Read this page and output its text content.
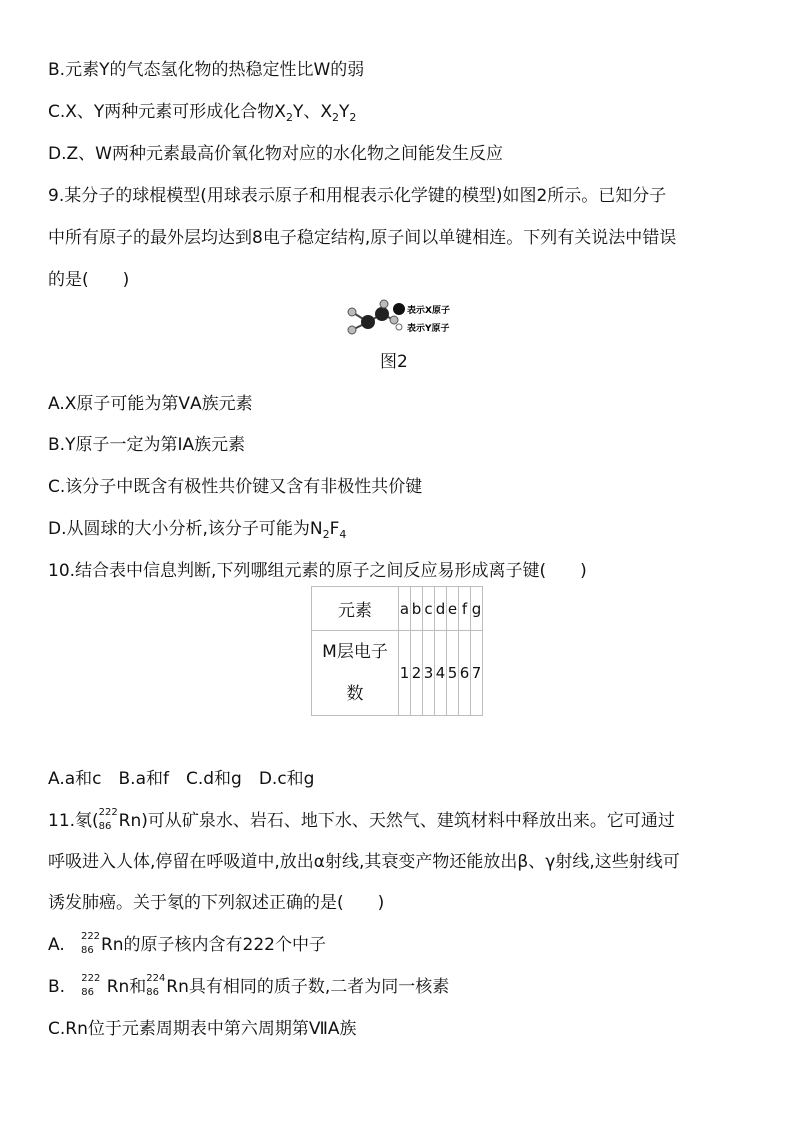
B.元素Y的气态氢化物的热稳定性比W的弱
C.X、Y两种元素可形成化合物$X_2Y$、$X_2Y_2$
D.Z、W两种元素最高价氧化物对应的水化物之间能发生反应
9.某分子的球棍模型(用球表示原子和用棍表示化学键的模型)如图2所示。已知分子
中所有原子的最外层均达到8电子稳定结构,原子间以单键相连。下列有关说法中错误
的是(　　)
表示X原子
表示Y原子
图2
A.X原子可能为第ⅤA族元素
B.Y原子一定为第ⅠA族元素
C.该分子中既含有极性共价键又含有非极性共价键
D.从圆球的大小分析,该分子可能为$N_2F_4$
10.结合表中信息判断,下列哪组元素的原子之间反应易形成离子键(　　)
元素	a	b	c	d	e	f	g

M层电子
数	1	2	3	4	5	6	7
A.a和c　B.a和f　C.d和g　D.c和g
11.氡( 222
86 Rn)可从矿泉水、岩石、地下水、天然气、建筑材料中释放出来。它可通过
呼吸进入人体,停留在呼吸道中,放出α射线,其衰变产物还能放出β、γ射线,这些射线可
诱发肺癌。关于氡的下列叙述正确的是(　　)
A. 222
86 Rn的原子核内含有222个中子
B. 222
86 Rn和 224
86 Rn具有相同的质子数,二者为同一核素
C.Rn位于元素周期表中第六周期第ⅦA族
